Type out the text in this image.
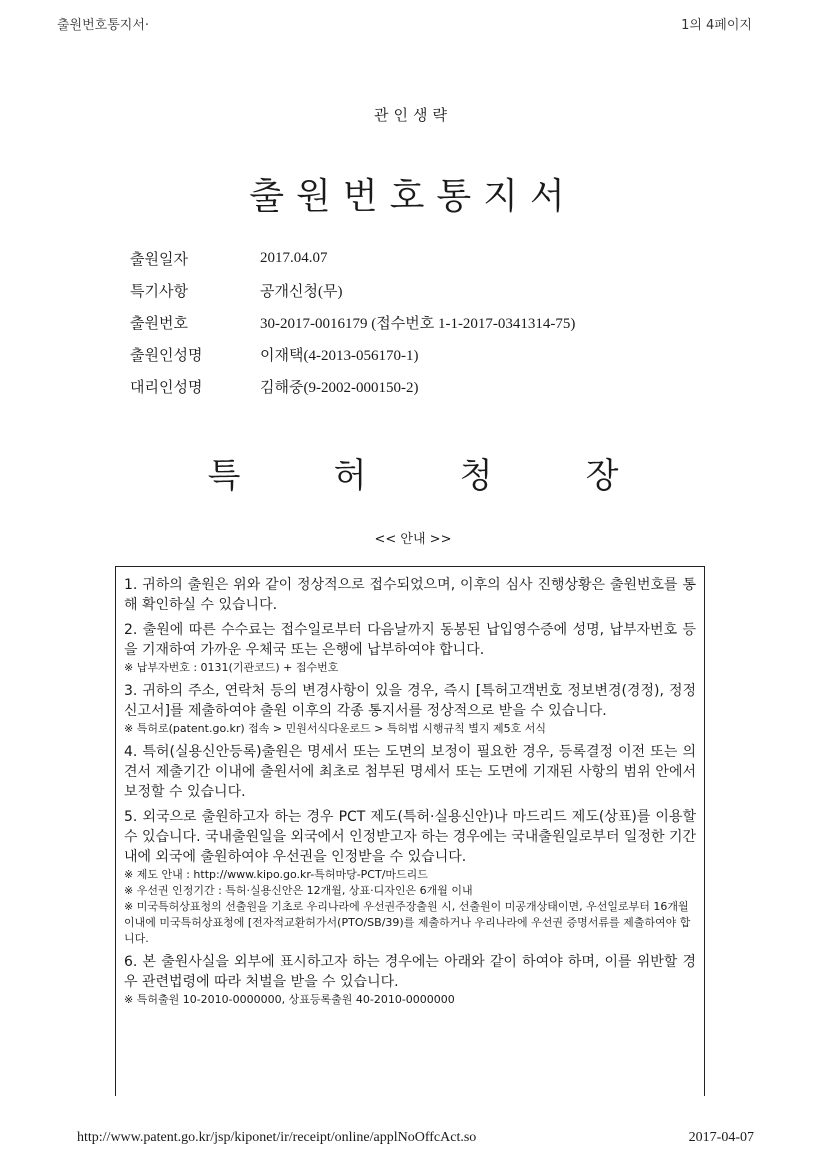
출원번호통지서·	1의 4페이지
관인생략
출원번호통지서
출원일자	2017.04.07
특기사항	공개신청(무)
출원번호	30-2017-0016179 (접수번호 1-1-2017-0341314-75)
출원인성명	이재택(4-2013-056170-1)
대리인성명	김해중(9-2002-000150-2)
특	허	청	장
<< 안내 >>

1. 귀하의 출원은 위와 같이 정상적으로 접수되었으며, 이후의 심사 진행상황은 출원번호를 통해 확인하실 수 있습니다.

2. 출원에 따른 수수료는 접수일로부터 다음날까지 동봉된 납입영수증에 성명, 납부자번호 등을 기재하여 가까운 우체국 또는 은행에 납부하여야 합니다.

※ 납부자번호 : 0131(기관코드) + 접수번호

3. 귀하의 주소, 연락처 등의 변경사항이 있을 경우, 즉시 [특허고객번호 정보변경(경정), 정정신고서]를 제출하여야 출원 이후의 각종 통지서를 정상적으로 받을 수 있습니다.

※ 특허로(patent.go.kr) 접속 > 민원서식다운로드 > 특허법 시행규칙 별지 제5호 서식

4. 특허(실용신안등록)출원은 명세서 또는 도면의 보정이 필요한 경우, 등록결정 이전 또는 의견서 제출기간 이내에 출원서에 최초로 첨부된 명세서 또는 도면에 기재된 사항의 범위 안에서 보정할 수 있습니다.

5. 외국으로 출원하고자 하는 경우 PCT 제도(특허·실용신안)나 마드리드 제도(상표)를 이용할 수 있습니다. 국내출원일을 외국에서 인정받고자 하는 경우에는 국내출원일로부터 일정한 기간 내에 외국에 출원하여야 우선권을 인정받을 수 있습니다.

※ 제도 안내 : http://www.kipo.go.kr-특허마당-PCT/마드리드

※ 우선권 인정기간 : 특허·실용신안은 12개월, 상표·디자인은 6개월 이내

※ 미국특허상표청의 선출원을 기초로 우리나라에 우선권주장출원 시, 선출원이 미공개상태이면, 우선일로부터 16개월 이내에 미국특허상표청에 [전자적교환허가서(PTO/SB/39)를 제출하거나 우리나라에 우선권 증명서류를 제출하여야 합니다.

6. 본 출원사실을 외부에 표시하고자 하는 경우에는 아래와 같이 하여야 하며, 이를 위반할 경우 관련법령에 따라 처벌을 받을 수 있습니다.

※ 특허출원 10-2010-0000000, 상표등록출원 40-2010-0000000

http://www.patent.go.kr/jsp/kiponet/ir/receipt/online/applNoOffcAct.so	2017-04-07
